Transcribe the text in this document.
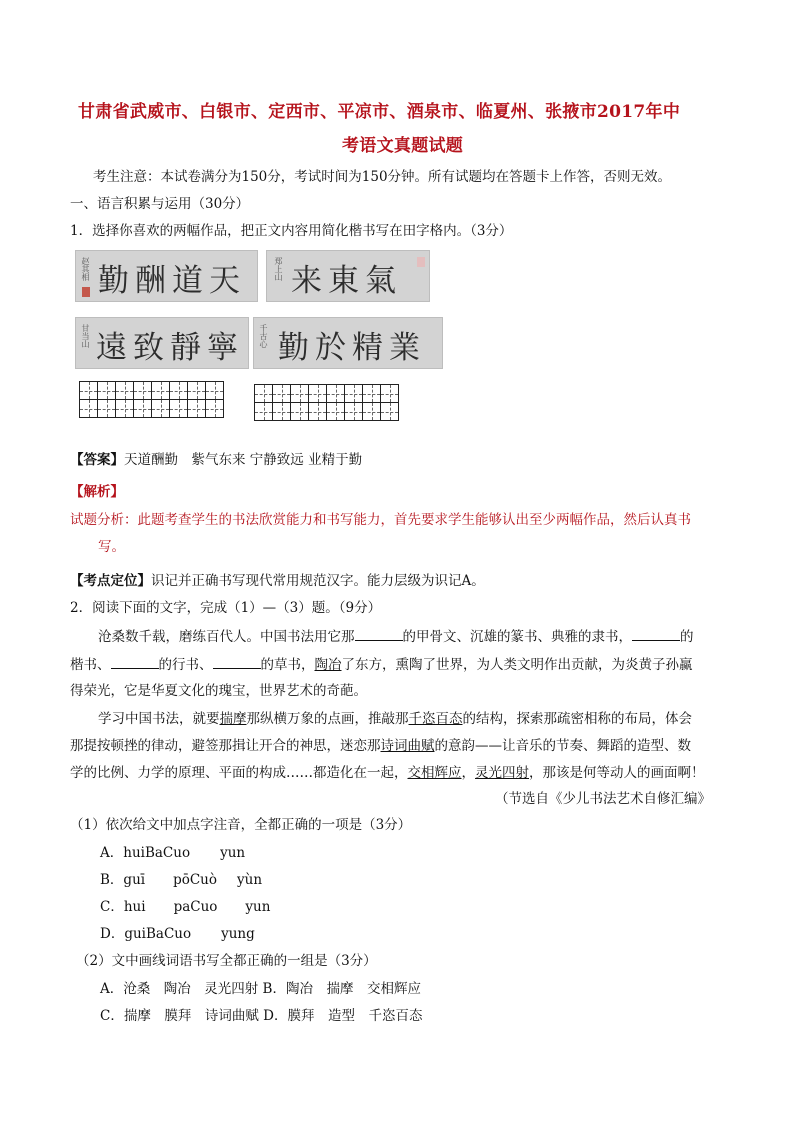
甘肃省武威市、白银市、定西市、平凉市、酒泉市、临夏州、张掖市2017年中
考语文真题试题
考生注意：本试卷满分为150分，考试时间为150分钟。所有试题均在答题卡上作答，否则无效。
一、语言积累与运用（30分）
1．选择你喜欢的两幅作品，把正文内容用简化楷书写在田字格内。（3分）
赵其相 勤酬道天	郑上山 来東氣
甘当山 遠致靜寧 千古心 勤於精業

【答案】天道酬勤　紫气东来 宁静致远 业精于勤
【解析】
试题分析：此题考查学生的书法欣赏能力和书写能力，首先要求学生能够认出至少两幅作品，然后认真书
写。
【考点定位】识记并正确书写现代常用规范汉字。能力层级为识记A。
2．阅读下面的文字，完成（1）—（3）题。（9分）
沧桑数千载，磨练百代人。中国书法用它那	的甲骨文、沉雄的篆书、典雅的隶书，	的
楷书、	的行书、	的草书，陶冶了东方，熏陶了世界，为人类文明作出贡献，为炎黄子孙赢
得荣光，它是华夏文化的瑰宝，世界艺术的奇葩。
学习中国书法，就要揣摩那纵横万象的点画，推敲那千恣百态的结构，探索那疏密相称的布局，体会
那提按顿挫的律动，避签那揖让开合的神思，迷恋那诗词曲赋的意韵——让音乐的节奏、舞蹈的造型、数
学的比例、力学的原理、平面的构成……都造化在一起，交相辉应，灵光四射，那该是何等动人的画面啊！
（节选自《少儿书法艺术自修汇编》
（1）依次给文中加点字注音，全都正确的一项是（3分）
A．huiBaCuo yun
B．guī pōCuò yùn
C．hui paCuo yun
D．guiBaCuo yung
（2）文中画线词语书写全都正确的一组是（3分）
A．沧桑　陶冶　灵光四射 B．陶冶　揣摩　交相辉应
C．揣摩　膜拜　诗词曲赋 D．膜拜　造型　千恣百态
